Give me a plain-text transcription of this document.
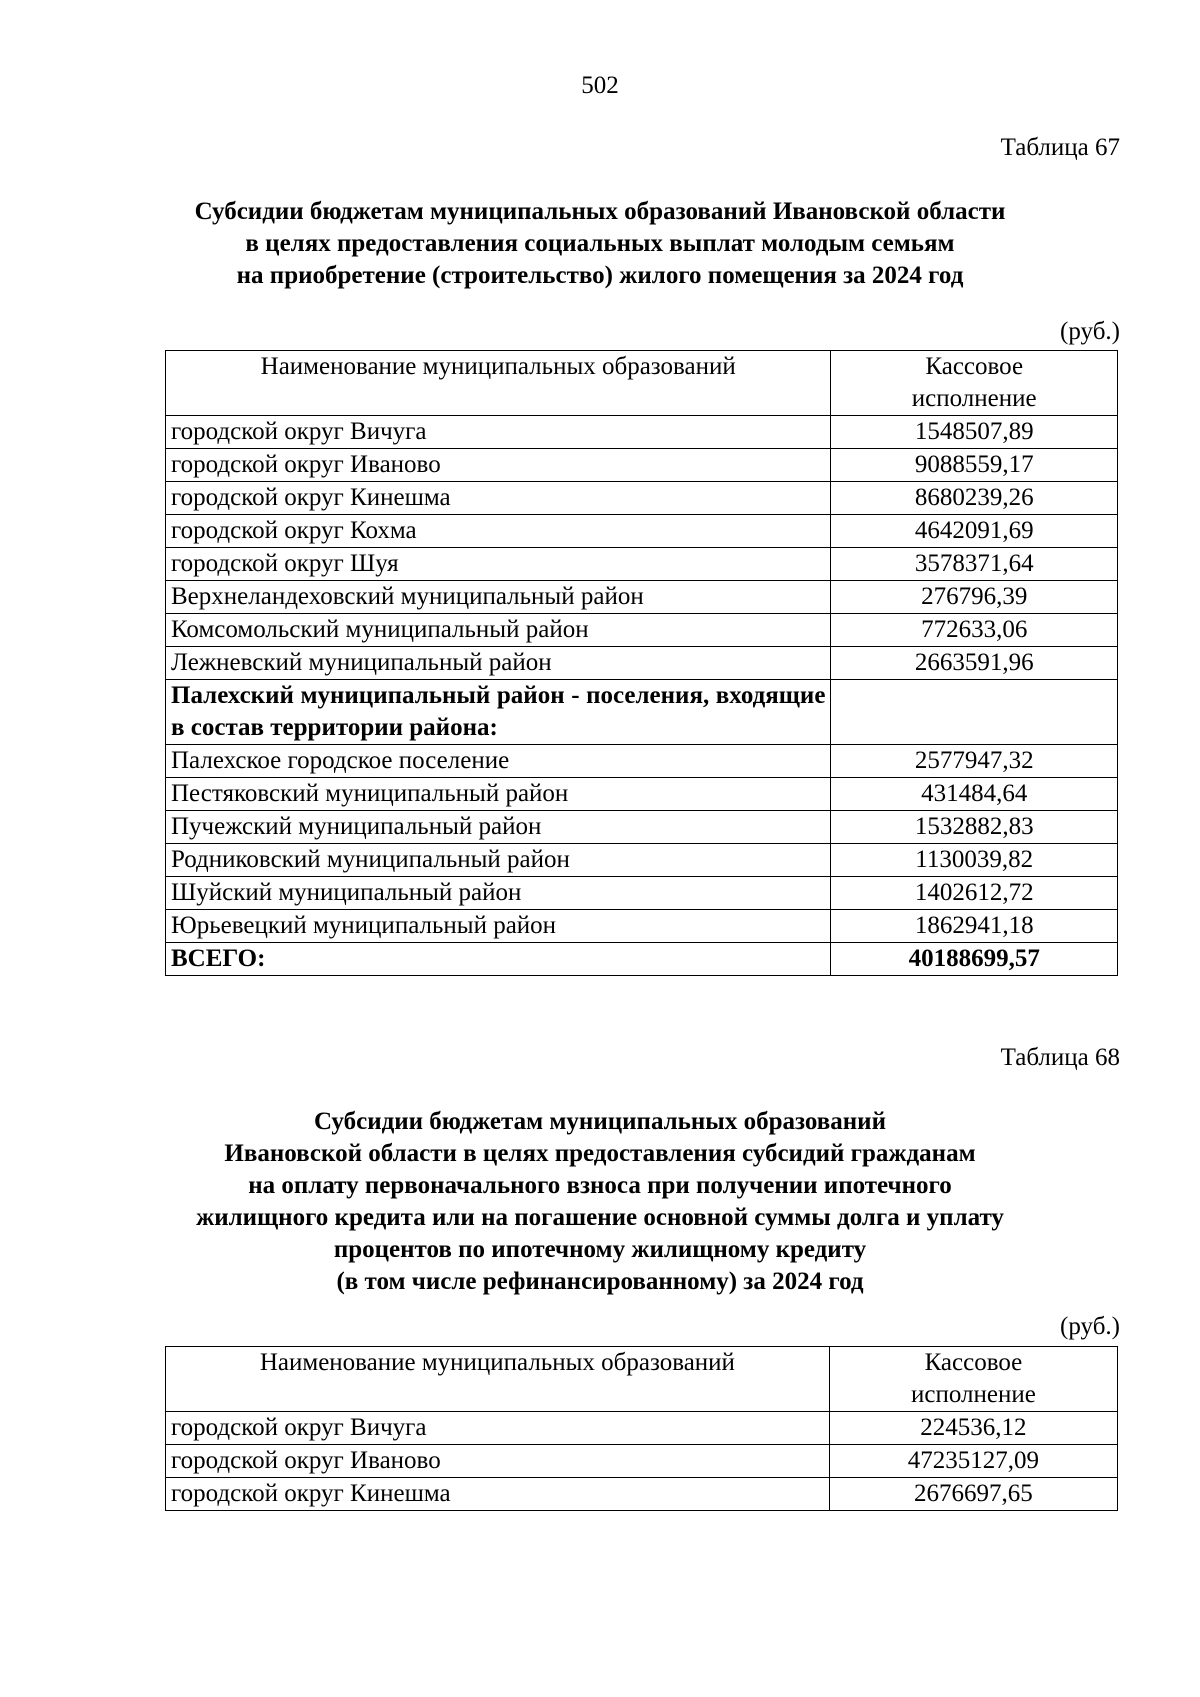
502
Таблица 67
Субсидии бюджетам муниципальных образований Ивановской области
в целях предоставления социальных выплат молодым семьям
на приобретение (строительство) жилого помещения за 2024 год
(руб.)
Наименование муниципальных образований	Кассовое
исполнение
городской округ Вичуга	1548507,89
городской округ Иваново	9088559,17
городской округ Кинешма	8680239,26
городской округ Кохма	4642091,69
городской округ Шуя	3578371,64
Верхнеландеховский муниципальный район	276796,39
Комсомольский муниципальный район	772633,06
Лежневский муниципальный район	2663591,96
Палехский муниципальный район - поселения, входящие в состав территории района:	
Палехское городское поселение	2577947,32
Пестяковский муниципальный район	431484,64
Пучежский муниципальный район	1532882,83
Родниковский муниципальный район	1130039,82
Шуйский муниципальный район	1402612,72
Юрьевецкий муниципальный район	1862941,18
ВСЕГО:	40188699,57
Таблица 68
Субсидии бюджетам муниципальных образований
Ивановской области в целях предоставления субсидий гражданам
на оплату первоначального взноса при получении ипотечного
жилищного кредита или на погашение основной суммы долга и уплату
процентов по ипотечному жилищному кредиту
(в том числе рефинансированному) за 2024 год
(руб.)
Наименование муниципальных образований	Кассовое
исполнение
городской округ Вичуга	224536,12
городской округ Иваново	47235127,09
городской округ Кинешма	2676697,65
